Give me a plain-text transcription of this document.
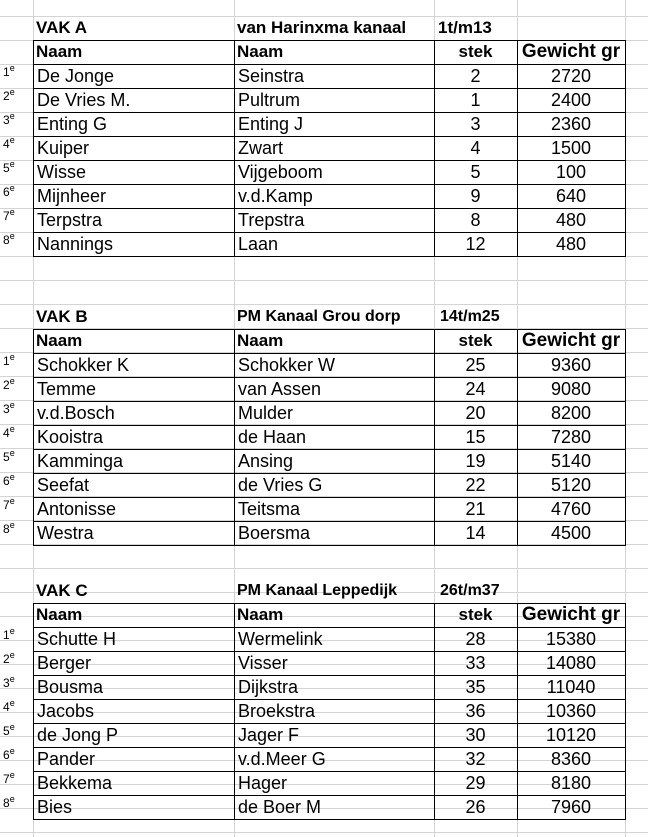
VAK A	van Harinxma kanaal 1t/m13
Naam	Naam	stek	Gewicht gr
1e De Jonge	Seinstra	2	2720
2e De Vries M.	Pultrum	1	2400
3e Enting G	Enting J	3	2360
4e Kuiper	Zwart	4	1500
5e Wisse	Vijgeboom	5	100
6e Mijnheer	v.d.Kamp	9	640
7e Terpstra	Trepstra	8	480
8e Nannings	Laan	12	480
VAK B	PM Kanaal Grou dorp 14t/m25
Naam	Naam	stek	Gewicht gr
1e Schokker K	Schokker W	25	9360
2e Temme	van Assen	24	9080
3e v.d.Bosch	Mulder	20	8200
4e Kooistra	de Haan	15	7280
5e Kamminga	Ansing	19	5140
6e Seefat	de Vries G	22	5120
7e Antonisse	Teitsma	21	4760
8e Westra	Boersma	14	4500
VAK C	PM Kanaal Leppedijk	26t/m37
Naam	Naam	stek	Gewicht gr
1e Schutte H	Wermelink	28	15380
2e Berger	Visser	33	14080
3e Bousma	Dijkstra	35	11040
4e Jacobs	Broekstra	36	10360
5e de Jong P	Jager F	30	10120
6e Pander	v.d.Meer G	32	8360
7e Bekkema	Hager	29	8180
8e Bies	de Boer M	26	7960
